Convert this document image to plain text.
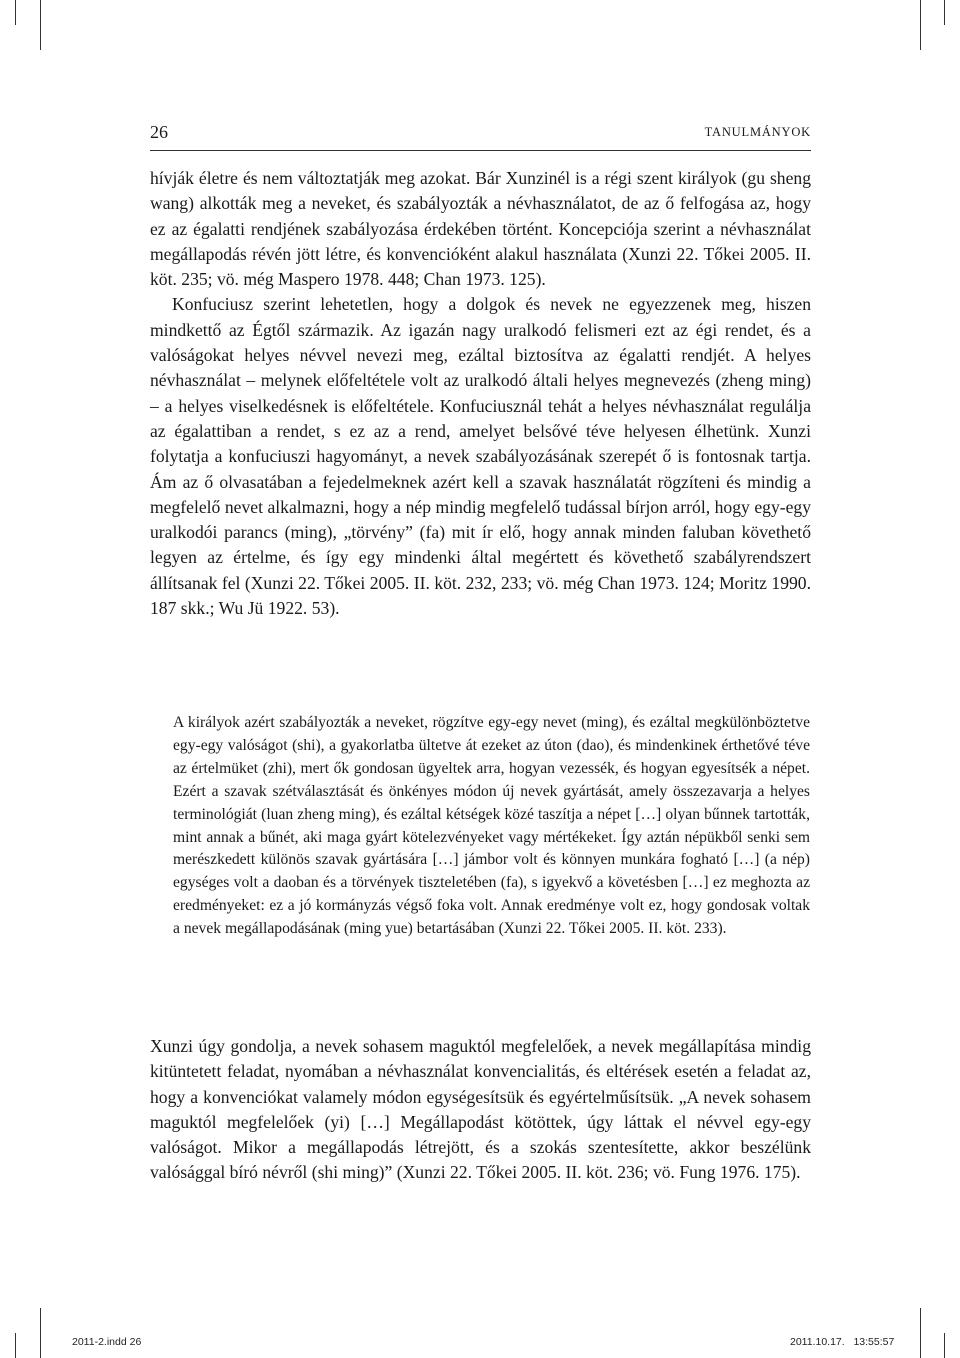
26	TANULMÁNYOK

hívják életre és nem változtatják meg azokat. Bár Xunzinél is a régi szent királyok (gu sheng wang) alkották meg a neveket, és szabályozták a névhasználatot, de az ő felfogása az, hogy ez az égalatti rendjének szabályozása érdekében történt. Koncepciója szerint a névhasználat megállapodás révén jött létre, és konvencióként alakul használata (Xunzi 22. Tőkei 2005. II. köt. 235; vö. még Maspero 1978. 448; Chan 1973. 125).

Konfuciusz szerint lehetetlen, hogy a dolgok és nevek ne egyezzenek meg, hiszen mindkettő az Égtől származik. Az igazán nagy uralkodó felismeri ezt az égi rendet, és a valóságokat helyes névvel nevezi meg, ezáltal biztosítva az égalatti rendjét. A helyes névhasználat – melynek előfeltétele volt az uralkodó általi helyes megnevezés (zheng ming) – a helyes viselkedésnek is előfeltétele. Konfuciusznál tehát a helyes névhasználat regulálja az égalattiban a rendet, s ez az a rend, amelyet belsővé téve helyesen élhetünk. Xunzi folytatja a konfuciuszi hagyományt, a nevek szabályozásának szerepét ő is fontosnak tartja. Ám az ő olvasatában a fejedelmeknek azért kell a szavak használatát rögzíteni és mindig a megfelelő nevet alkalmazni, hogy a nép mindig megfelelő tudással bírjon arról, hogy egy-egy uralkodói parancs (ming), „törvény” (fa) mit ír elő, hogy annak minden faluban követhető legyen az értelme, és így egy mindenki által megértett és követhető szabályrendszert állítsanak fel (Xunzi 22. Tőkei 2005. II. köt. 232, 233; vö. még Chan 1973. 124; Moritz 1990. 187 skk.; Wu Jü 1922. 53).

A királyok azért szabályozták a neveket, rögzítve egy-egy nevet (ming), és ezáltal megkülönböztetve egy-egy valóságot (shi), a gyakorlatba ültetve át ezeket az úton (dao), és mindenkinek érthetővé téve az értelmüket (zhi), mert ők gondosan ügyeltek arra, hogyan vezessék, és hogyan egyesítsék a népet. Ezért a szavak szétválasztását és önkényes módon új nevek gyártását, amely összezavarja a helyes terminológiát (luan zheng ming), és ezáltal kétségek közé taszítja a népet […] olyan bűnnek tartották, mint annak a bűnét, aki maga gyárt kötelezvényeket vagy mértékeket. Így aztán népükből senki sem merészkedett különös szavak gyártására […] jámbor volt és könnyen munkára fogható […] (a nép) egységes volt a daoban és a törvények tiszteletében (fa), s igyekvő a követésben […] ez meghozta az eredményeket: ez a jó kormányzás végső foka volt. Annak eredménye volt ez, hogy gondosak voltak a nevek megállapodásának (ming yue) betartásában (Xunzi 22. Tőkei 2005. II. köt. 233).

Xunzi úgy gondolja, a nevek sohasem maguktól megfelelőek, a nevek megállapítása mindig kitüntetett feladat, nyomában a névhasználat konvencialitás, és eltérések esetén a feladat az, hogy a konvenciókat valamely módon egységesítsük és egyértelműsítsük. „A nevek sohasem maguktól megfelelőek (yi) […] Megállapodást kötöttek, úgy láttak el névvel egy-egy valóságot. Mikor a megállapodás létrejött, és a szokás szentesítette, akkor beszélünk valósággal bíró névről (shi ming)” (Xunzi 22. Tőkei 2005. II. köt. 236; vö. Fung 1976. 175).

2011-2.indd 26	2011.10.17.   13:55:57
